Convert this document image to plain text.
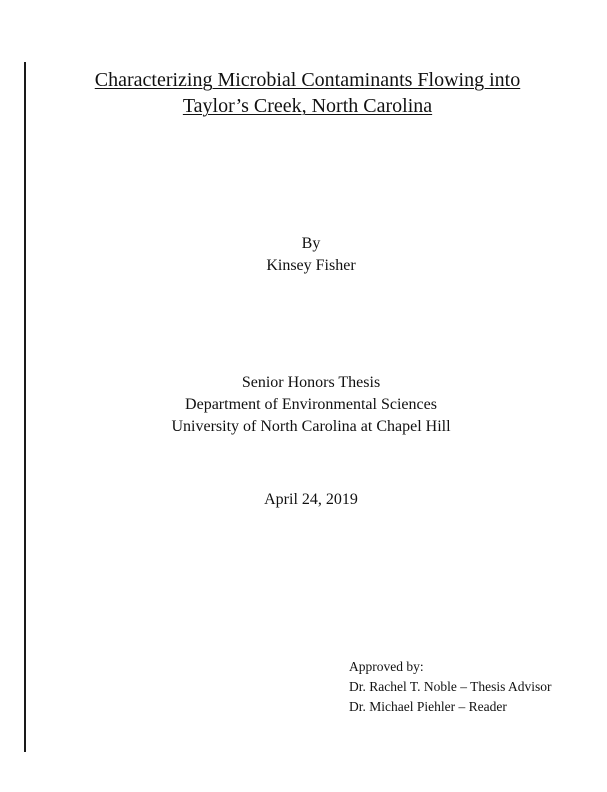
Characterizing Microbial Contaminants Flowing into
Taylor’s Creek, North Carolina
By
Kinsey Fisher
Senior Honors Thesis
Department of Environmental Sciences
University of North Carolina at Chapel Hill
April 24, 2019
Approved by:
Dr. Rachel T. Noble – Thesis Advisor
Dr. Michael Piehler – Reader
